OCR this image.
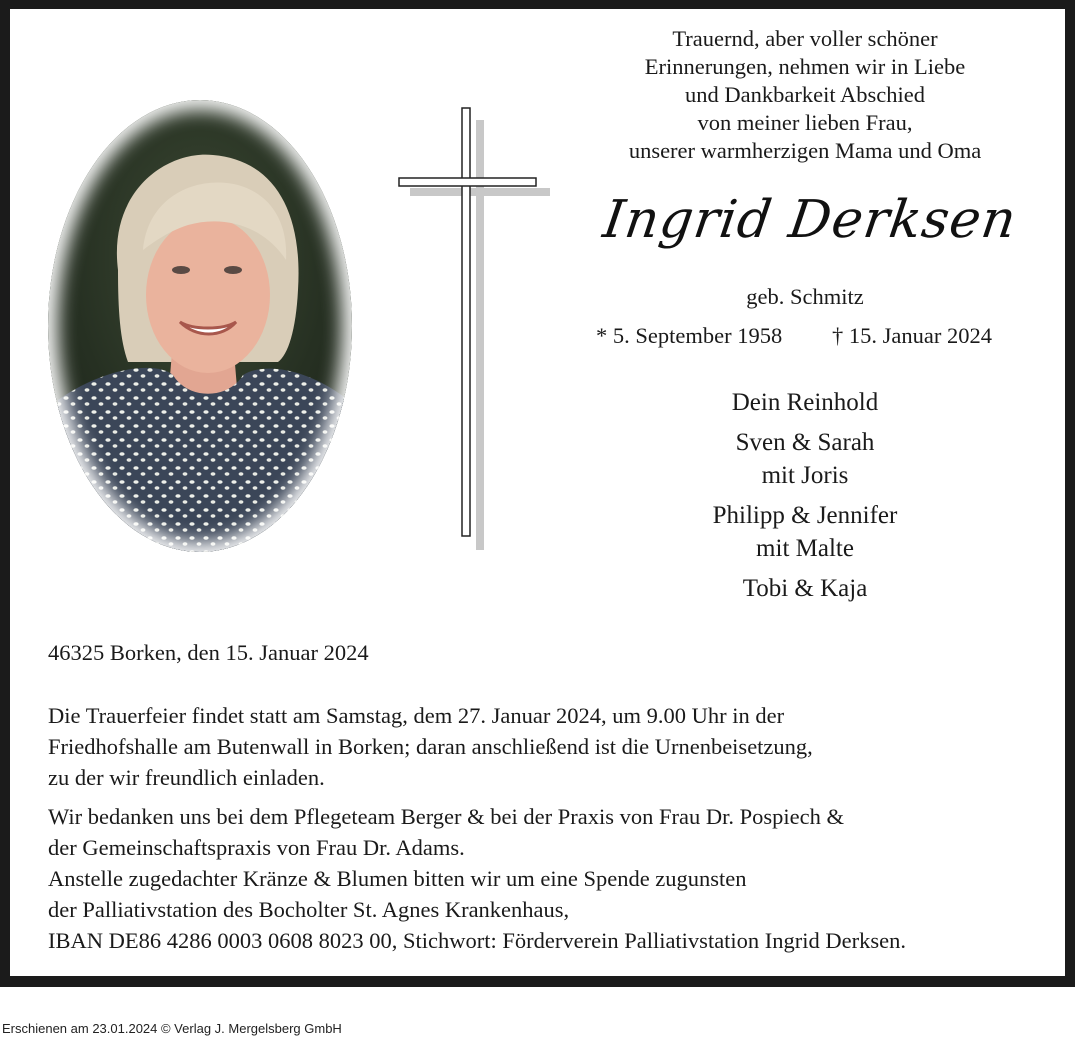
Trauernd, aber voller schöner
Erinnerungen, nehmen wir in Liebe
und Dankbarkeit Abschied
von meiner lieben Frau,
unserer warmherzigen Mama und Oma
Ingrid Derksen
geb. Schmitz
* 5. September 1958 † 15. Januar 2024
Dein Reinhold
Sven & Sarah
mit Joris
Philipp & Jennifer
mit Malte
Tobi & Kaja
46325 Borken, den 15. Januar 2024
Die Trauerfeier findet statt am Samstag, dem 27. Januar 2024, um 9.00 Uhr in der
Friedhofshalle am Butenwall in Borken; daran anschließend ist die Urnenbeisetzung,
zu der wir freundlich einladen.
Wir bedanken uns bei dem Pflegeteam Berger & bei der Praxis von Frau Dr. Pospiech &
der Gemeinschaftspraxis von Frau Dr. Adams.
Anstelle zugedachter Kränze & Blumen bitten wir um eine Spende zugunsten
der Palliativstation des Bocholter St. Agnes Krankenhaus,
IBAN DE86 4286 0003 0608 8023 00, Stichwort: Förderverein Palliativstation Ingrid Derksen.
Erschienen am 23.01.2024 © Verlag J. Mergelsberg GmbH
